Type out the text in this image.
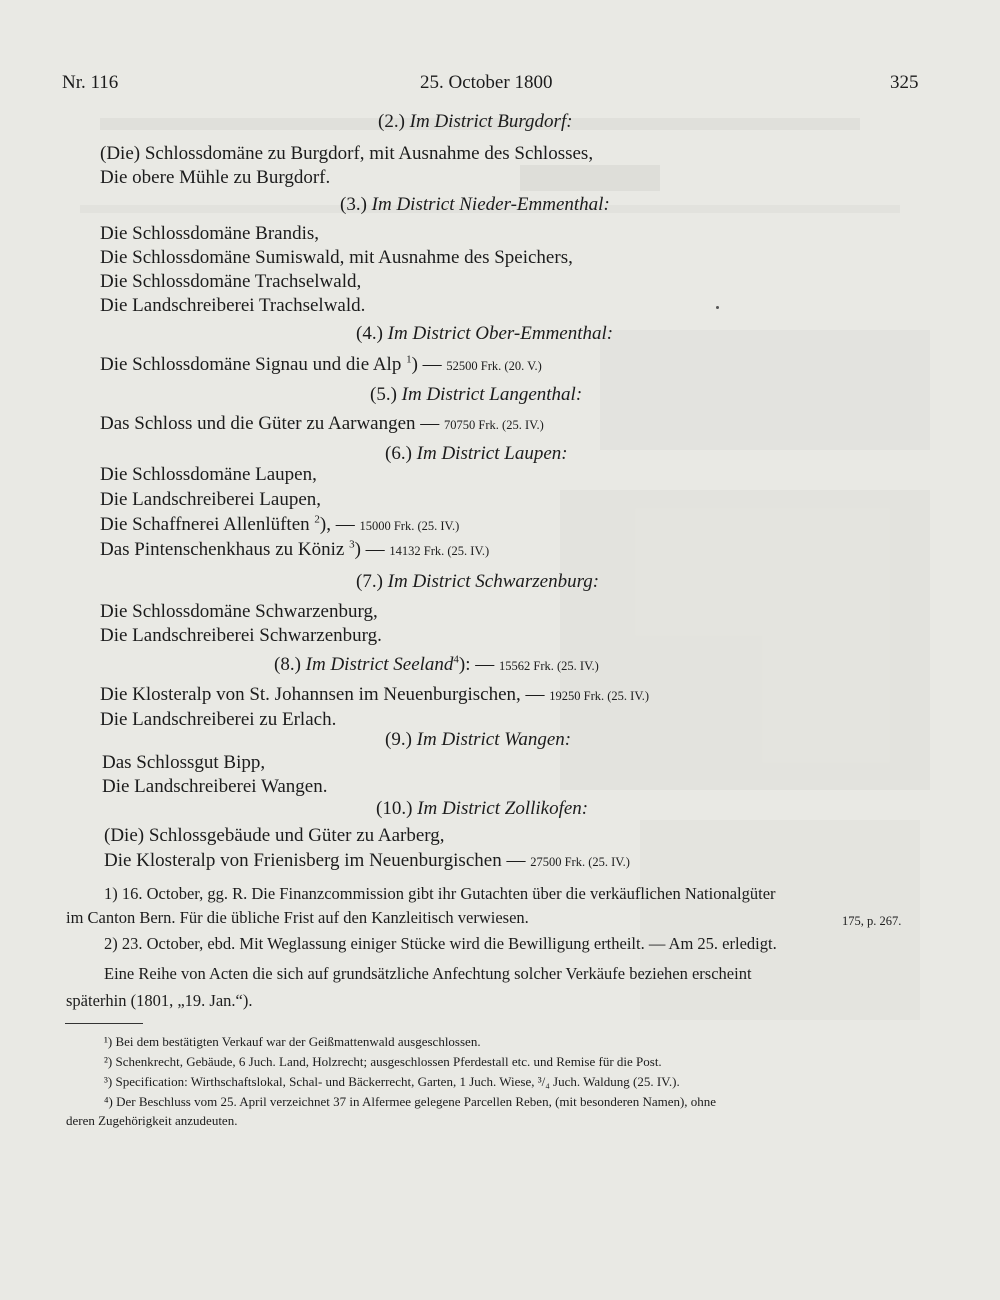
Nr. 116	25. October 1800	325
(2.) Im District Burgdorf:
(Die) Schlossdomäne zu Burgdorf, mit Ausnahme des Schlosses,
Die obere Mühle zu Burgdorf.
(3.) Im District Nieder-Emmenthal:
Die Schlossdomäne Brandis,
Die Schlossdomäne Sumiswald, mit Ausnahme des Speichers,
Die Schlossdomäne Trachselwald,
Die Landschreiberei Trachselwald.
(4.) Im District Ober-Emmenthal:
Die Schlossdomäne Signau und die Alp $^1$) — 52500 Frk. (20. V.)
(5.) Im District Langenthal:
Das Schloss und die Güter zu Aarwangen — 70750 Frk. (25. IV.)
(6.) Im District Laupen:
Die Schlossdomäne Laupen,
Die Landschreiberei Laupen,
Die Schaffnerei Allenlüften $^2$), — 15000 Frk. (25. IV.)
Das Pintenschenkhaus zu Köniz $^3$) — 14132 Frk. (25. IV.)
(7.) Im District Schwarzenburg:
Die Schlossdomäne Schwarzenburg,
Die Landschreiberei Schwarzenburg.
(8.) Im District Seeland$^4$): — 15562 Frk. (25. IV.)
Die Klosteralp von St. Johannsen im Neuenburgischen, — 19250 Frk. (25. IV.)
Die Landschreiberei zu Erlach.
(9.) Im District Wangen:
Das Schlossgut Bipp,
Die Landschreiberei Wangen.
(10.) Im District Zollikofen:
(Die) Schlossgebäude und Güter zu Aarberg,
Die Klosteralp von Frienisberg im Neuenburgischen — 27500 Frk. (25. IV.)
1) 16. October, gg. R. Die Finanzcommission gibt ihr Gutachten über die verkäuflichen Nationalgüter
im Canton Bern. Für die übliche Frist auf den Kanzleitisch verwiesen.	175, p. 267.
2) 23. October, ebd. Mit Weglassung einiger Stücke wird die Bewilligung ertheilt. — Am 25. erledigt.
Eine Reihe von Acten die sich auf grundsätzliche Anfechtung solcher Verkäufe beziehen erscheint
späterhin (1801, „19. Jan.“).
¹) Bei dem bestätigten Verkauf war der Geißmattenwald ausgeschlossen.
²) Schenkrecht, Gebäude, 6 Juch. Land, Holzrecht; ausgeschlossen Pferdestall etc. und Remise für die Post.
³) Specification: Wirthschaftslokal, Schal- und Bäckerrecht, Garten, 1 Juch. Wiese, ³/₄ Juch. Waldung (25. IV.).
⁴) Der Beschluss vom 25. April verzeichnet 37 in Alfermee gelegene Parcellen Reben, (mit besonderen Namen), ohne
deren Zugehörigkeit anzudeuten.
